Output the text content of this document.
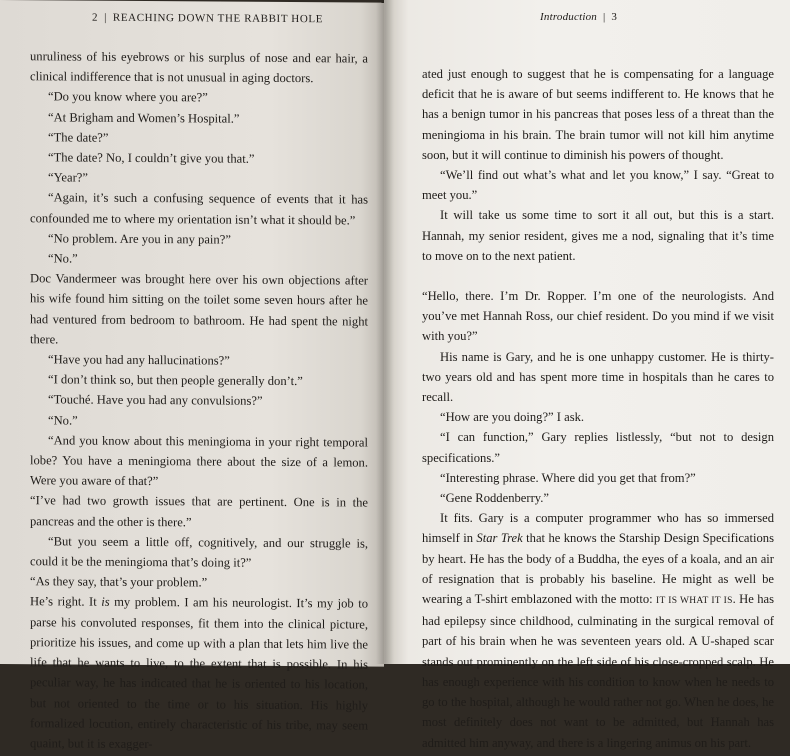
2 | REACHING DOWN THE RABBIT HOLE

unruliness of his eyebrows or his surplus of nose and ear hair, a clinical indifference that is not unusual in aging doctors.

“Do you know where you are?”

“At Brigham and Women’s Hospital.”

“The date?”

“The date? No, I couldn’t give you that.”

“Year?”

“Again, it’s such a confusing sequence of events that it has confounded me to where my orientation isn’t what it should be.”

“No problem. Are you in any pain?”

“No.”

Doc Vandermeer was brought here over his own objections after his wife found him sitting on the toilet some seven hours after he had ventured from bedroom to bathroom. He had spent the night there.

“Have you had any hallucinations?”

“I don’t think so, but then people generally don’t.”

“Touché. Have you had any convulsions?”

“No.”

“And you know about this meningioma in your right temporal lobe? You have a meningioma there about the size of a lemon. Were you aware of that?”

“I’ve had two growth issues that are pertinent. One is in the pancreas and the other is there.”

“But you seem a little off, cognitively, and our struggle is, could it be the meningioma that’s doing it?”

“As they say, that’s your problem.”

He’s right. It is my problem. I am his neurologist. It’s my job to parse his convoluted responses, fit them into the clinical picture, prioritize his issues, and come up with a plan that lets him live the life that he wants to live, to the extent that is possible. In his peculiar way, he has indicated that he is oriented to his location, but not oriented to the time or to his situation. His highly formalized locution, entirely characteristic of his tribe, may seem quaint, but it is exagger-

Introduction | 3

ated just enough to suggest that he is compensating for a language deficit that he is aware of but seems indifferent to. He knows that he has a benign tumor in his pancreas that poses less of a threat than the meningioma in his brain. The brain tumor will not kill him anytime soon, but it will continue to diminish his powers of thought.

“We’ll find out what’s what and let you know,” I say. “Great to meet you.”

It will take us some time to sort it all out, but this is a start. Hannah, my senior resident, gives me a nod, signaling that it’s time to move on to the next patient.

“Hello, there. I’m Dr. Ropper. I’m one of the neurologists. And you’ve met Hannah Ross, our chief resident. Do you mind if we visit with you?”

His name is Gary, and he is one unhappy customer. He is thirty-two years old and has spent more time in hospitals than he cares to recall.

“How are you doing?” I ask.

“I can function,” Gary replies listlessly, “but not to design specifications.”

“Interesting phrase. Where did you get that from?”

“Gene Roddenberry.”

It fits. Gary is a computer programmer who has so immersed himself in Star Trek that he knows the Starship Design Specifications by heart. He has the body of a Buddha, the eyes of a koala, and an air of resignation that is probably his baseline. He might as well be wearing a T-shirt emblazoned with the motto: IT IS WHAT IT IS. He has had epilepsy since childhood, culminating in the surgical removal of part of his brain when he was seventeen years old. A U-shaped scar stands out prominently on the left side of his close-cropped scalp. He has enough experience with his condition to know when he needs to go to the hospital, although he would rather not go. When he does, he most definitely does not want to be admitted, but Hannah has admitted him anyway, and there is a lingering animus on his part.
